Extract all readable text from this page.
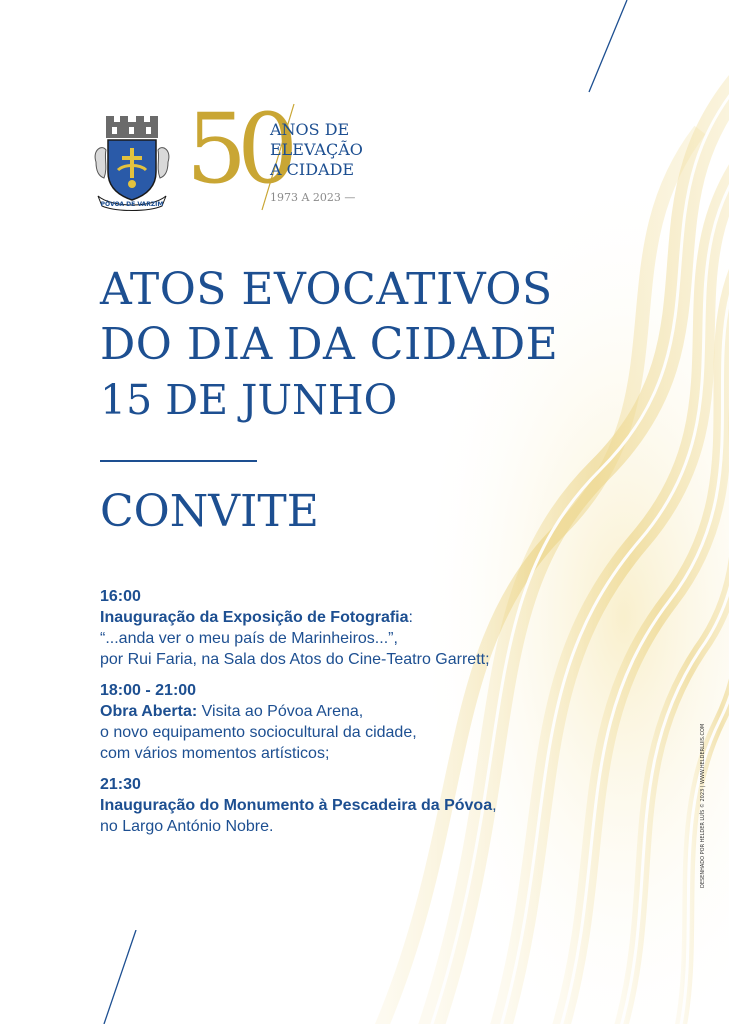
PÓVOA DE VARZIM 50
ANOS DE
ELEVAÇÃO
A CIDADE
1973 A 2023 —
ATOS EVOCATIVOS
DO DIA DA CIDADE
15 DE JUNHO
CONVITE
16:00
Inauguração da Exposição de Fotografia:
“...anda ver o meu país de Marinheiros...”,
por Rui Faria, na Sala dos Atos do Cine-Teatro Garrett;
18:00 - 21:00
Obra Aberta: Visita ao Póvoa Arena,
o novo equipamento sociocultural da cidade,
com vários momentos artísticos;
21:30
Inauguração do Monumento à Pescadeira da Póvoa,
no Largo António Nobre.	DESENHADO POR HELDER LUÍS © 2023 | WWW.HELDERLUIS.COM
